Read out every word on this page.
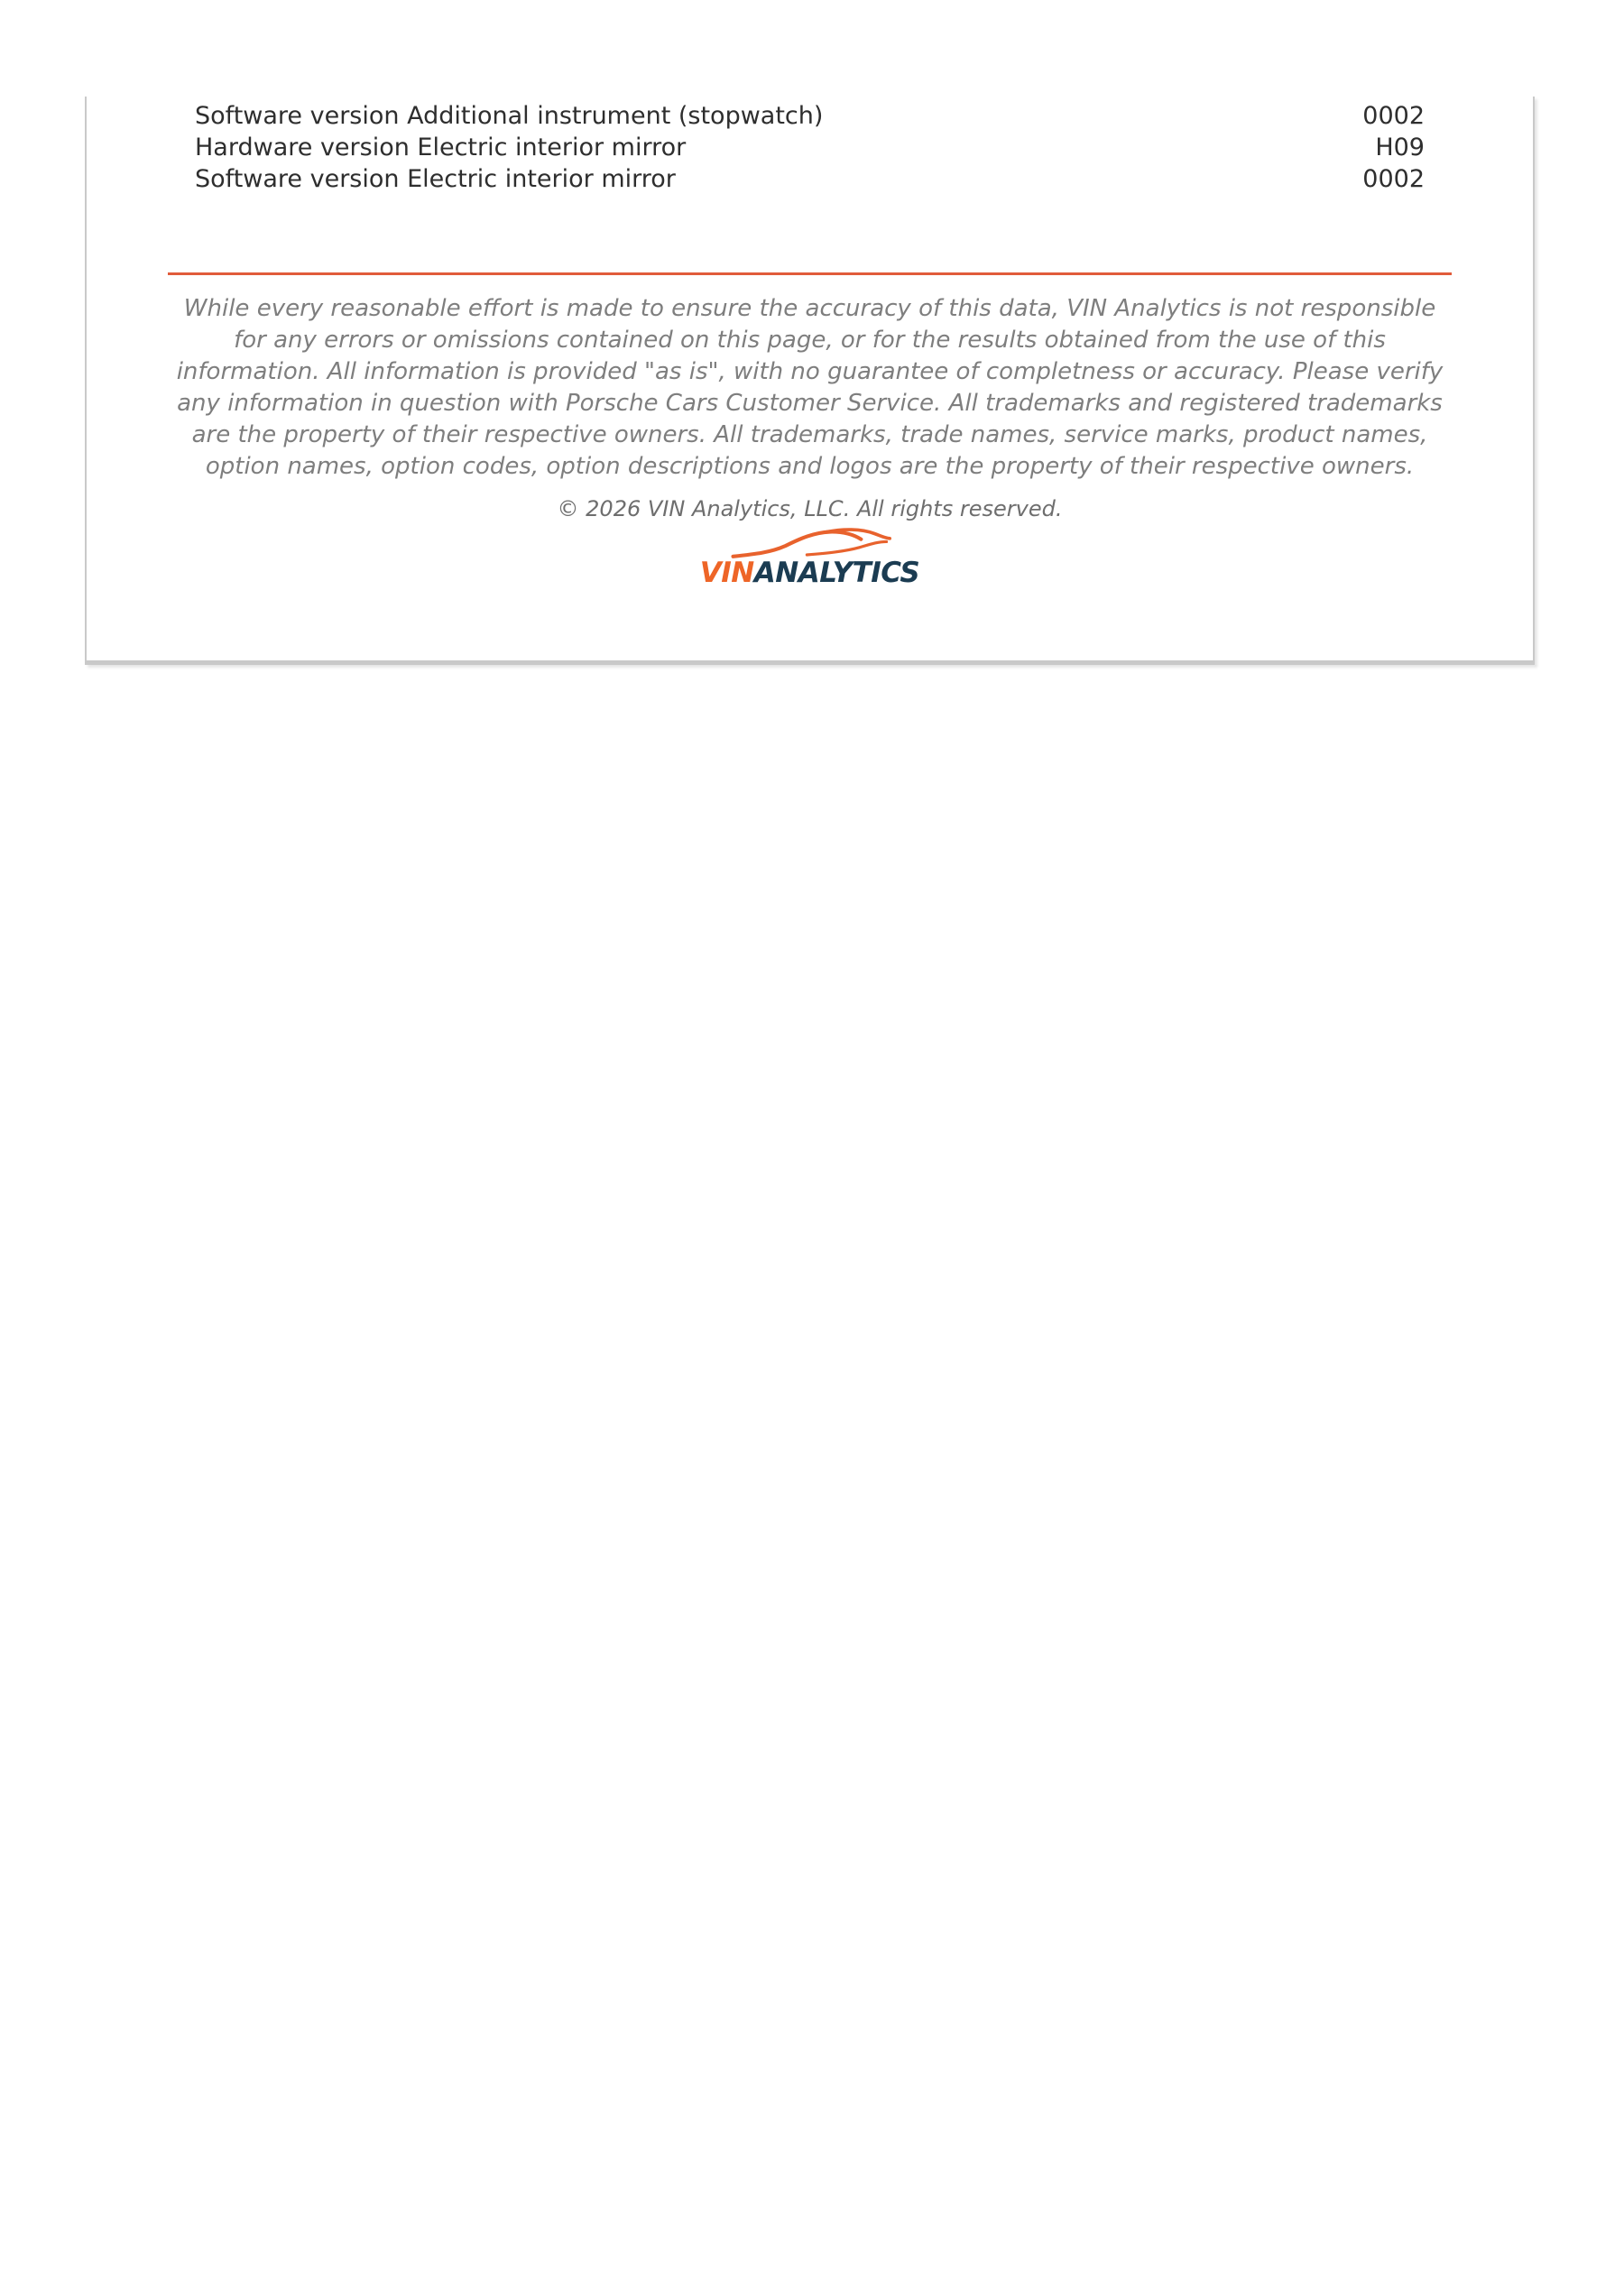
Software version Additional instrument (stopwatch)	0002
Hardware version Electric interior mirror	H09
Software version Electric interior mirror	0002
While every reasonable effort is made to ensure the accuracy of this data, VIN Analytics is not responsible for any errors or omissions contained on this page, or for the results obtained from the use of this information. All information is provided "as is", with no guarantee of completness or accuracy. Please verify any information in question with Porsche Cars Customer Service. All trademarks and registered trademarks are the property of their respective owners. All trademarks, trade names, service marks, product names, option names, option codes, option descriptions and logos are the property of their respective owners.
© 2026 VIN Analytics, LLC. All rights reserved.
VINANALYTICS
